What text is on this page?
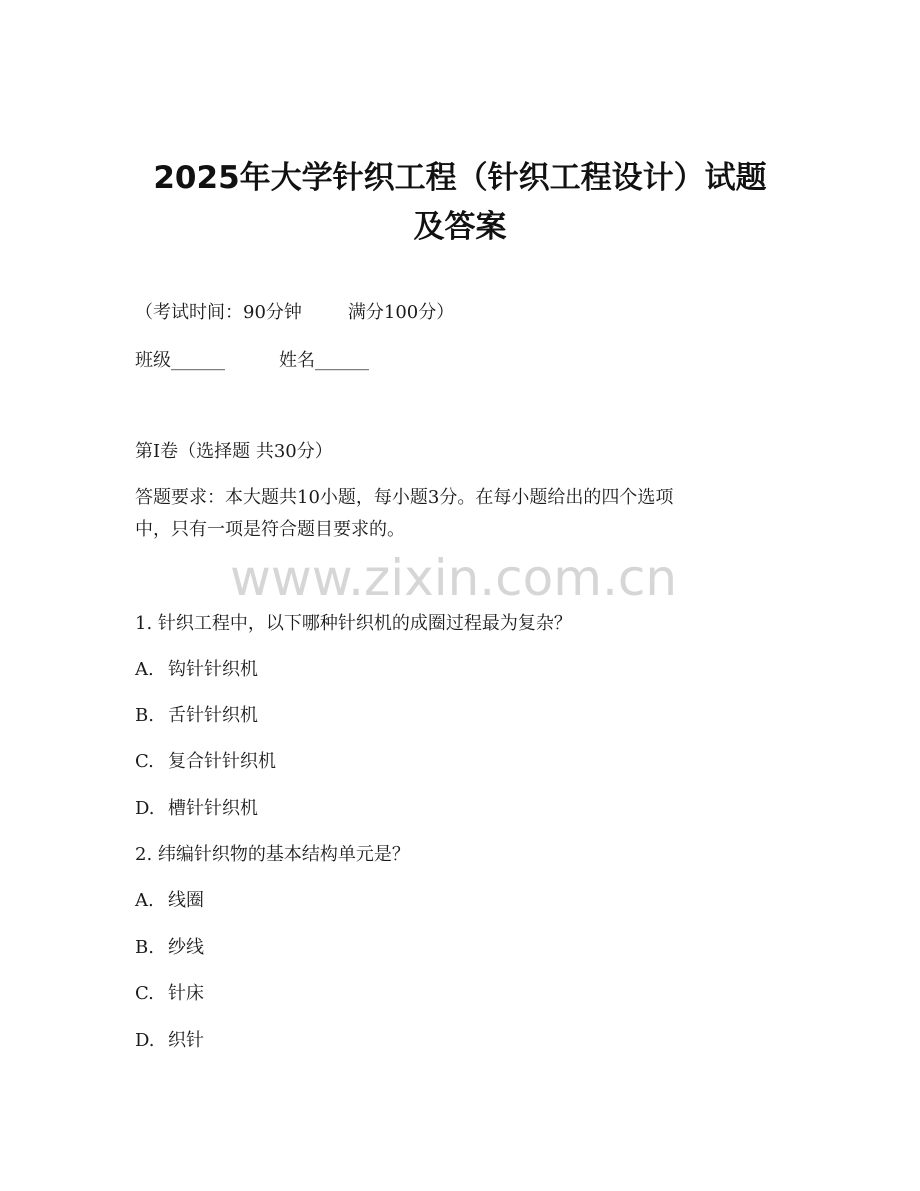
2025年大学针织工程（针织工程设计）试题
及答案
（考试时间：90分钟	满分100分）
班级______	姓名______
第I卷（选择题 共30分）
答题要求：本大题共10小题，每小题3分。在每小题给出的四个选项
中，只有一项是符合题目要求的。
www.zixin.com.cn
1. 针织工程中，以下哪种针织机的成圈过程最为复杂？
A. 钩针针织机
B. 舌针针织机
C. 复合针针织机
D. 槽针针织机
2. 纬编针织物的基本结构单元是？
A. 线圈
B. 纱线
C. 针床
D. 织针
